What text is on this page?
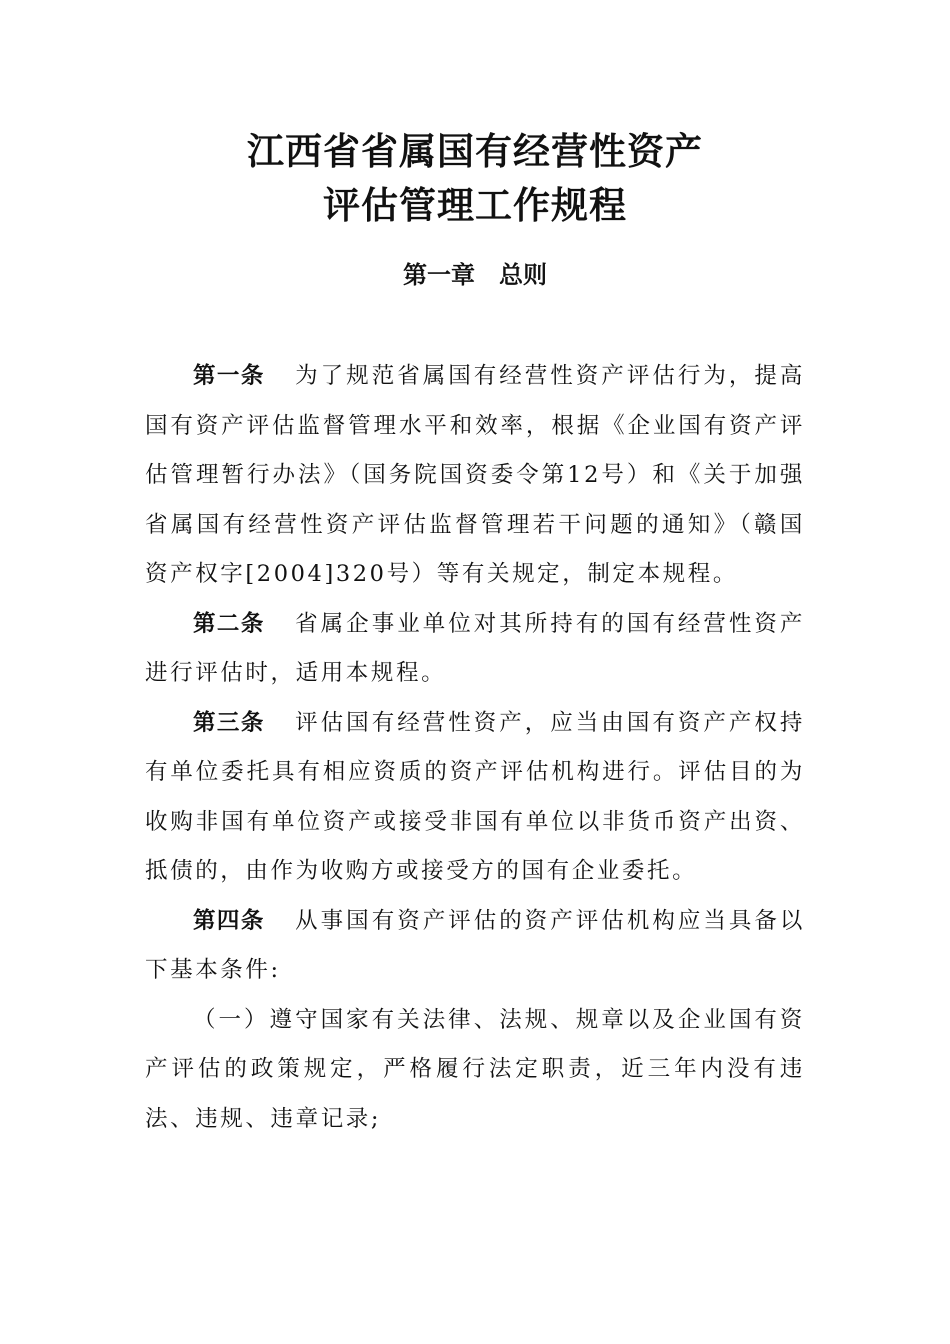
江西省省属国有经营性资产
评估管理工作规程
第一章　总则

第一条 为了规范省属国有经营性资产评估行为，提高国有资产评估监督管理水平和效率，根据《企业国有资产评估管理暂行办法》（国务院国资委令第12号）和《关于加强省属国有经营性资产评估监督管理若干问题的通知》（赣国资产权字[2004]320号）等有关规定，制定本规程。

第二条 省属企事业单位对其所持有的国有经营性资产进行评估时，适用本规程。

第三条 评估国有经营性资产，应当由国有资产产权持有单位委托具有相应资质的资产评估机构进行。评估目的为收购非国有单位资产或接受非国有单位以非货币资产出资、抵债的，由作为收购方或接受方的国有企业委托。

第四条 从事国有资产评估的资产评估机构应当具备以下基本条件:

（一）遵守国家有关法律、法规、规章以及企业国有资产评估的政策规定，严格履行法定职责，近三年内没有违法、违规、违章记录;
